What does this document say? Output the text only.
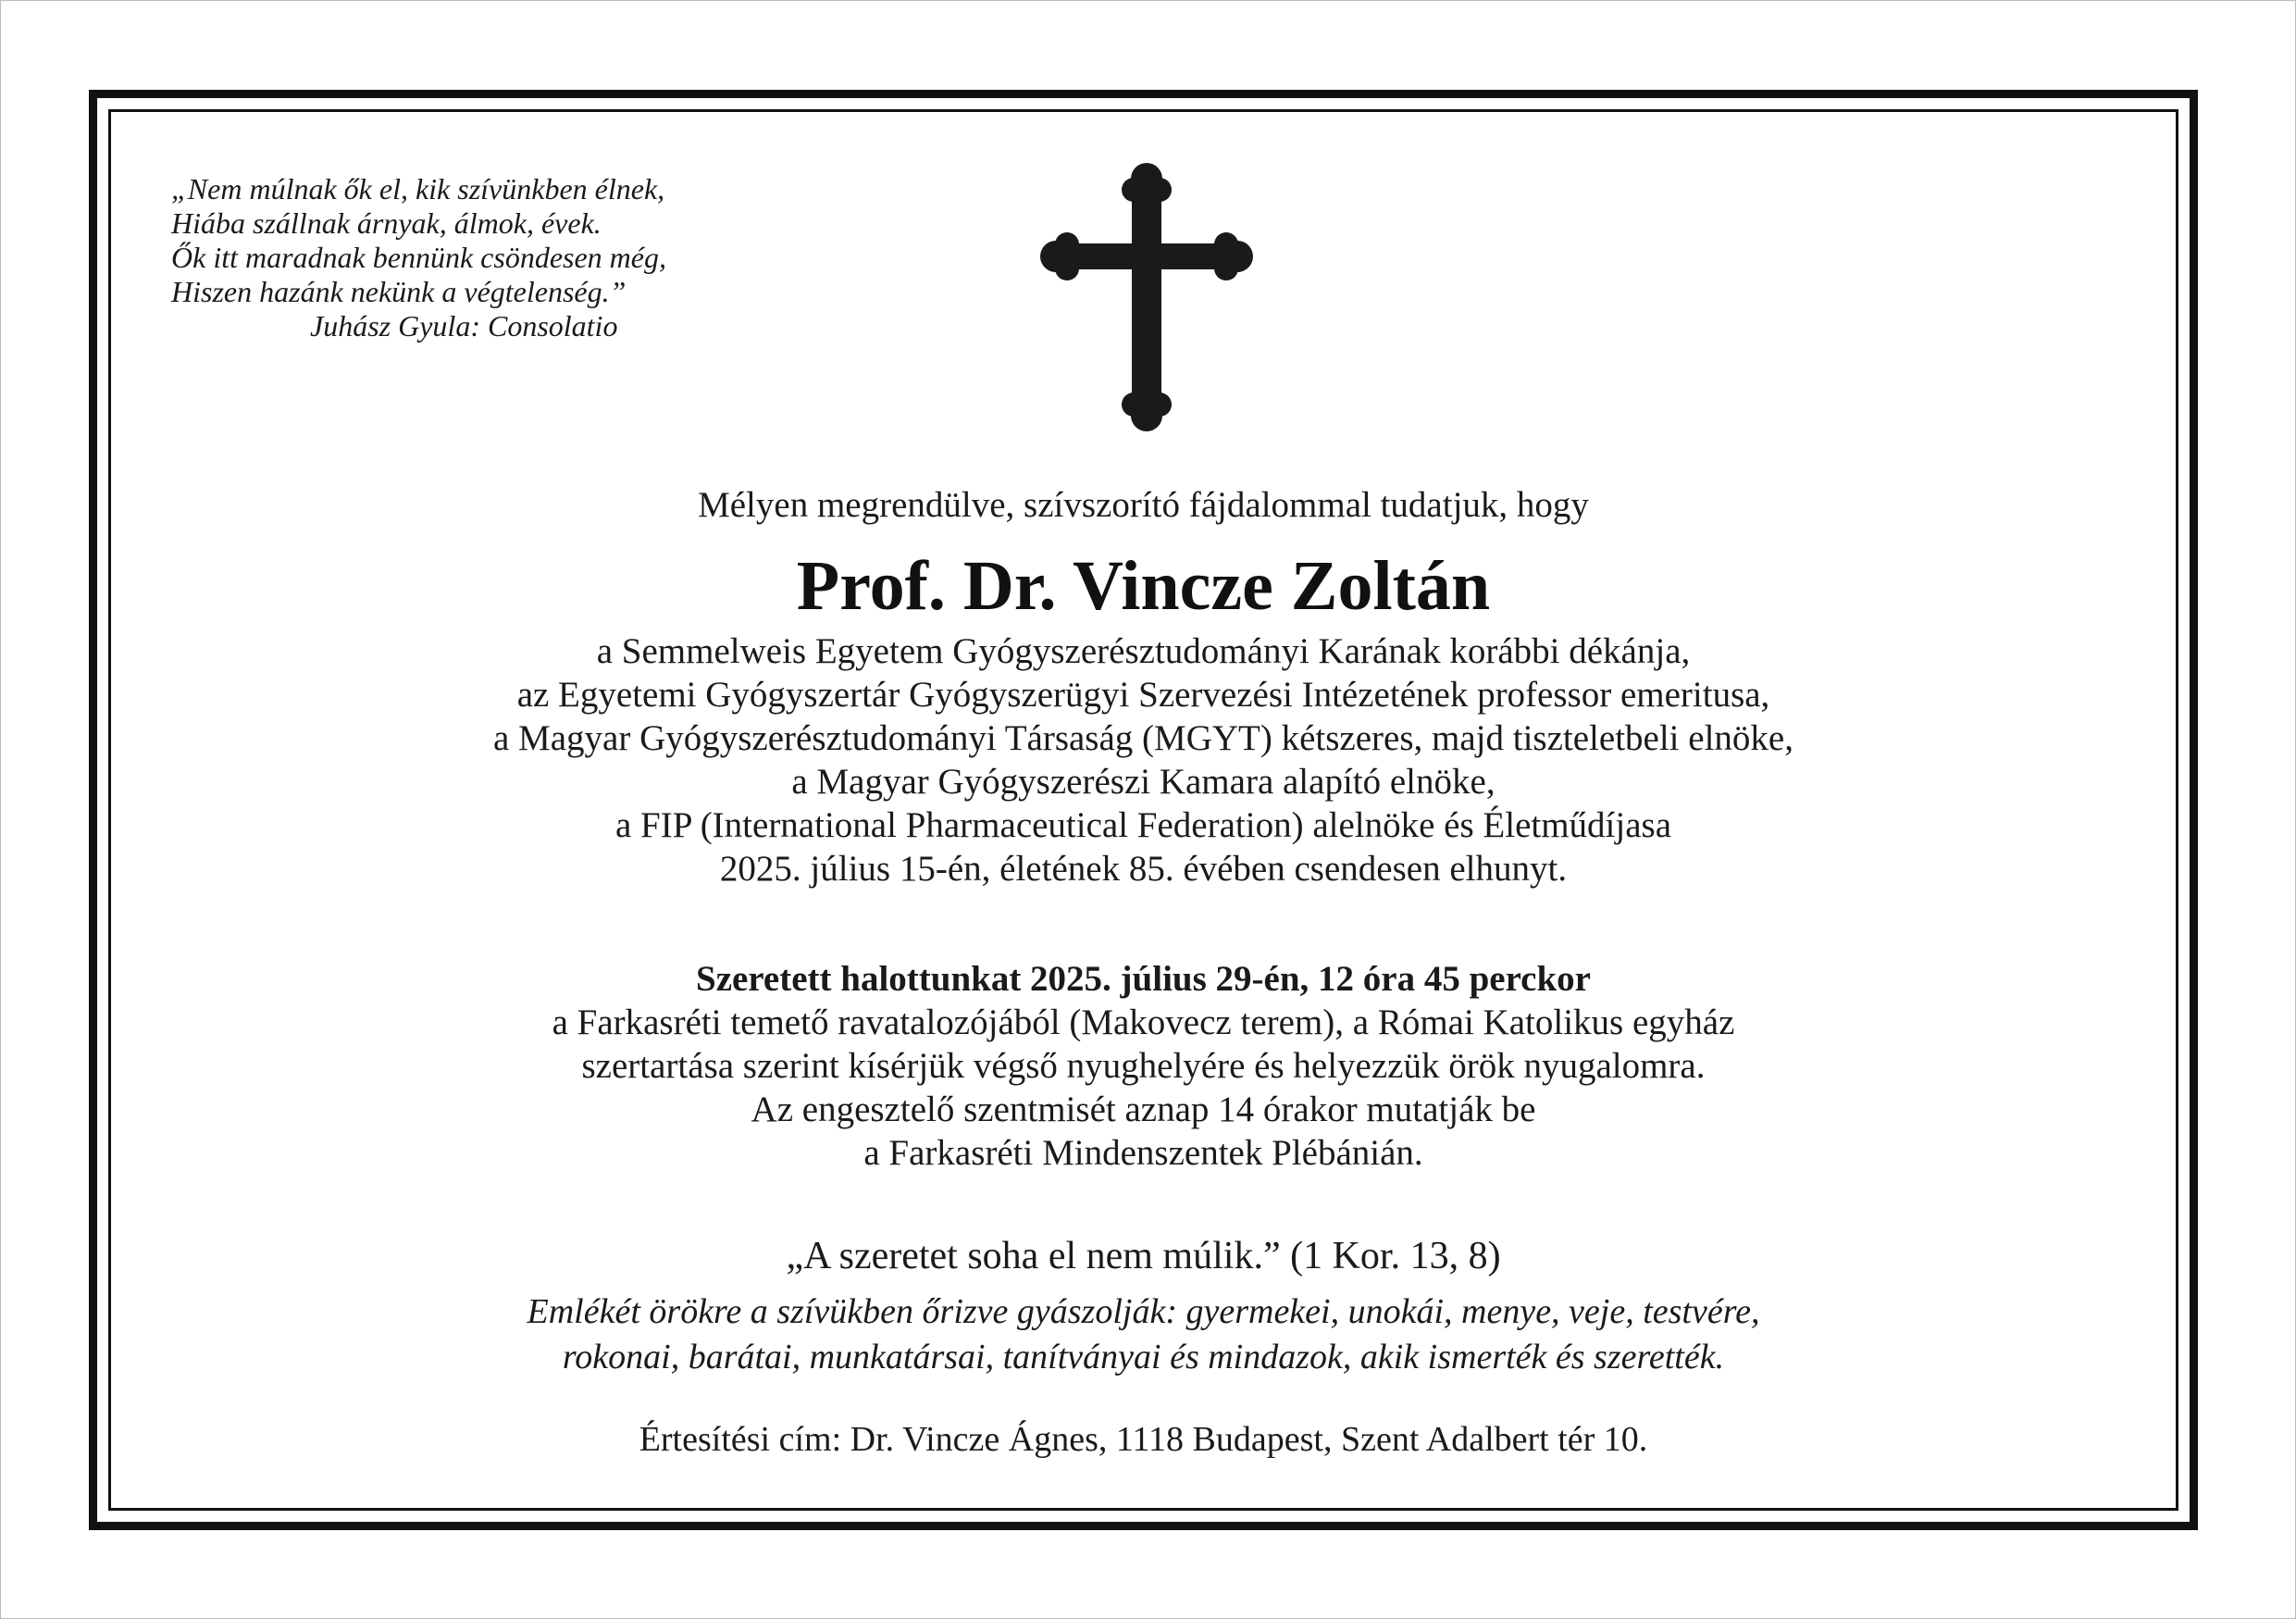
„Nem múlnak ők el, kik szívünkben élnek,
Hiába szállnak árnyak, álmok, évek.
Ők itt maradnak bennünk csöndesen még,
Hiszen hazánk nekünk a végtelenség.”
Juhász Gyula: Consolatio
Mélyen megrendülve, szívszorító fájdalommal tudatjuk, hogy
Prof. Dr. Vincze Zoltán
a Semmelweis Egyetem Gyógyszerésztudományi Karának korábbi dékánja,
az Egyetemi Gyógyszertár Gyógyszerügyi Szervezési Intézetének professor emeritusa,
a Magyar Gyógyszerésztudományi Társaság (MGYT) kétszeres, majd tiszteletbeli elnöke,
a Magyar Gyógyszerészi Kamara alapító elnöke,
a FIP (International Pharmaceutical Federation) alelnöke és Életműdíjasa
2025. július 15-én, életének 85. évében csendesen elhunyt.
Szeretett halottunkat 2025. július 29-én, 12 óra 45 perckor
a Farkasréti temető ravatalozójából (Makovecz terem), a Római Katolikus egyház
szertartása szerint kísérjük végső nyughelyére és helyezzük örök nyugalomra.
Az engesztelő szentmisét aznap 14 órakor mutatják be
a Farkasréti Mindenszentek Plébánián.
„A szeretet soha el nem múlik.” (1 Kor. 13, 8)
Emlékét örökre a szívükben őrizve gyászolják: gyermekei, unokái, menye, veje, testvére,
rokonai, barátai, munkatársai, tanítványai és mindazok, akik ismerték és szerették.
Értesítési cím: Dr. Vincze Ágnes, 1118 Budapest, Szent Adalbert tér 10.
